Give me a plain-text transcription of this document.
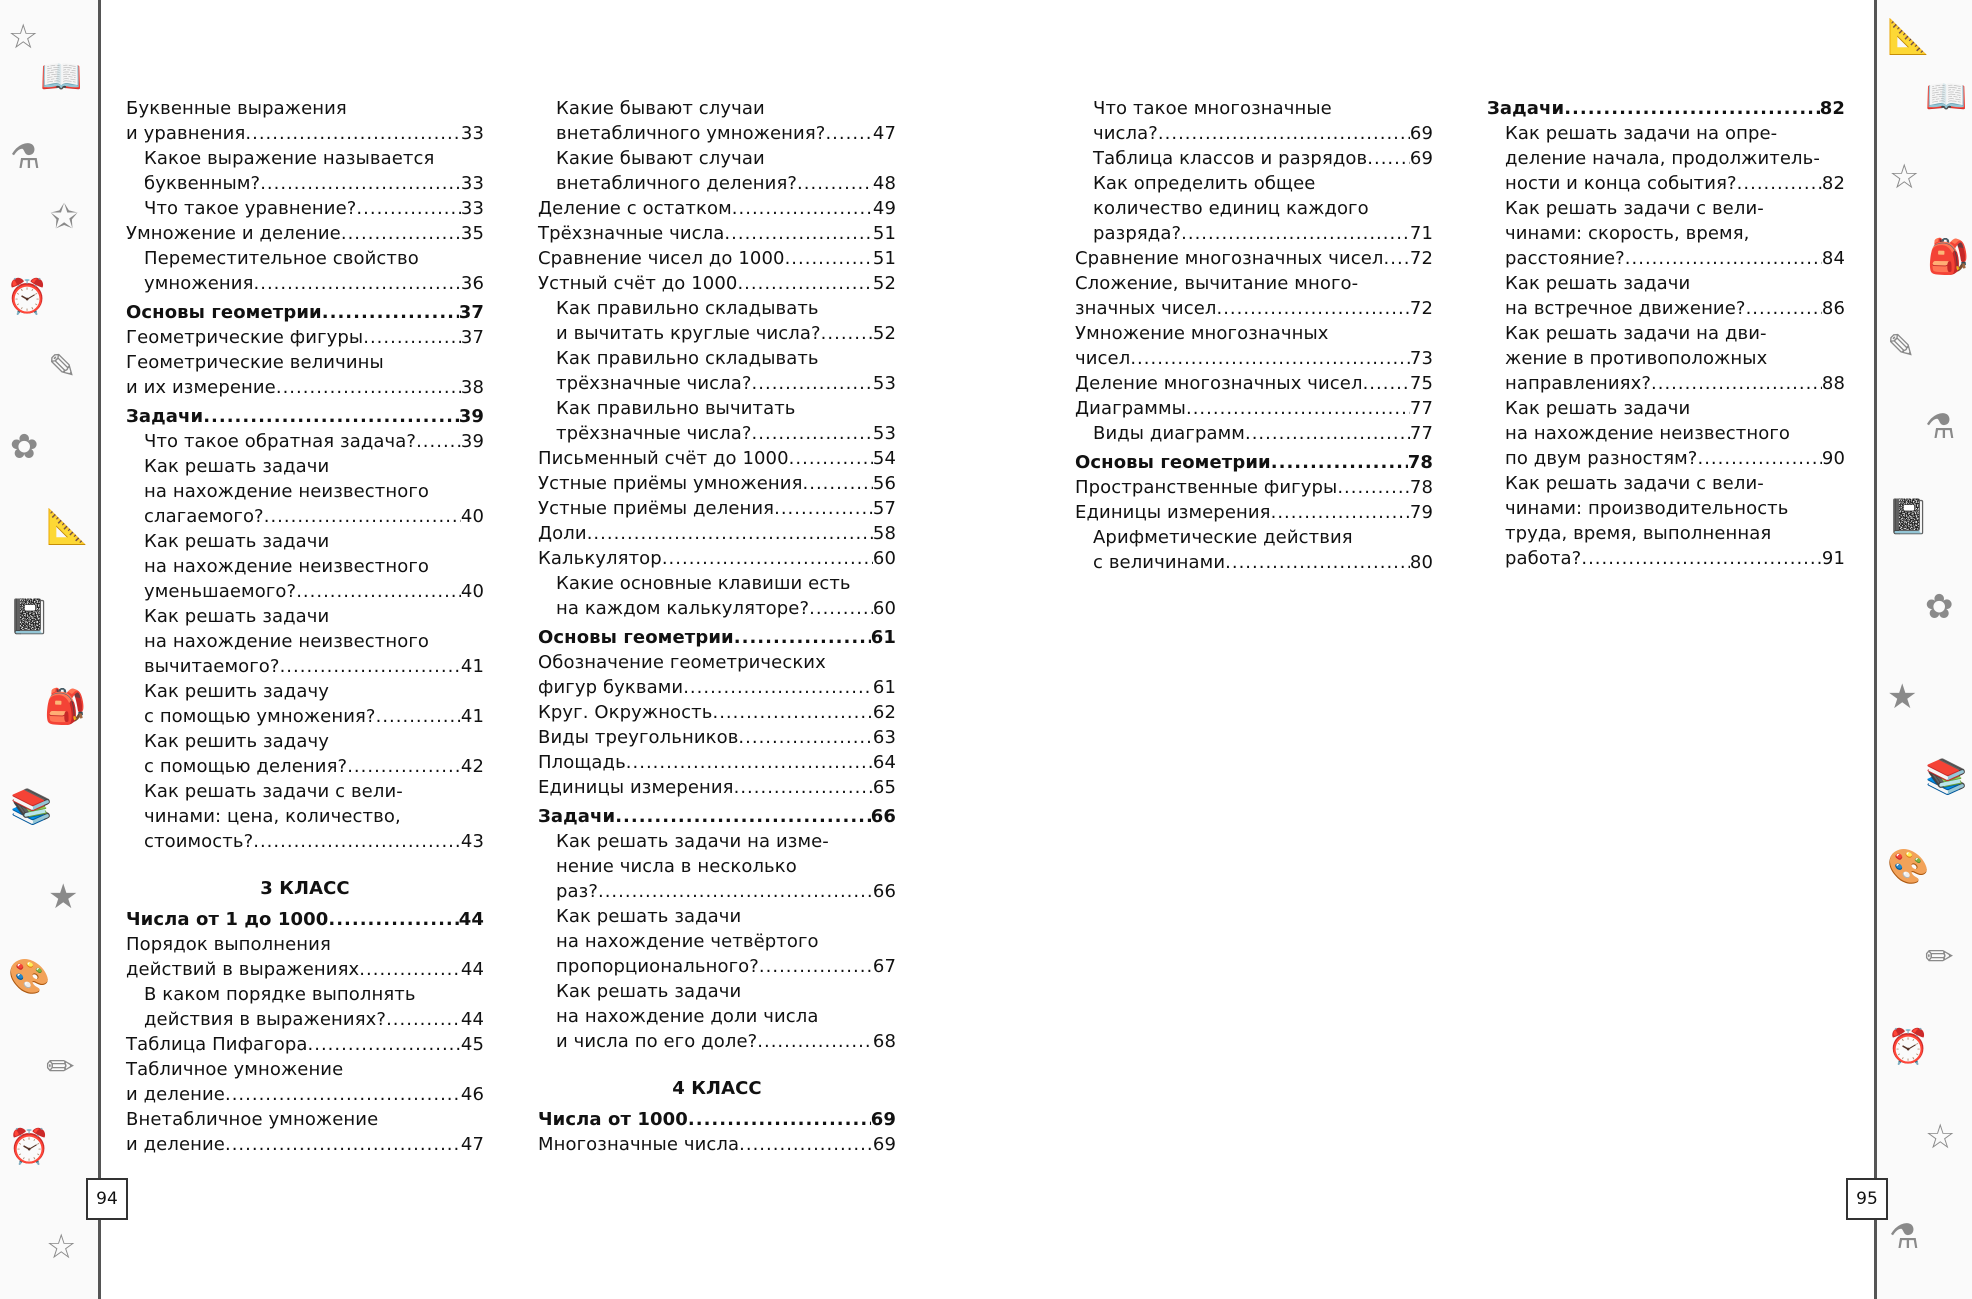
☆
📖
⚗
✩
⏰
✎
✿
📐
📓
🎒
📚
★
🎨
✏
⏰
☆
📐
📖
☆
🎒
✎
⚗
📓
✿
★
📚
🎨
✏
⏰
☆
⚗
94	95
Буквенные выражения
и уравнения .....	33
Какое выражение называется
буквенным? .....	33
Что такое уравнение? .....	33
Умножение и деление .....	35
Переместительное свойство
умножения .....	36
Основы геометрии .....	37
Геометрические фигуры .....	37
Геометрические величины
и их измерение .....	38
Задачи .....	39
Что такое обратная задача? ..... 39
Как решать задачи
на нахождение неизвестного
слагаемого? .....	40
Как решать задачи
на нахождение неизвестного
уменьшаемого? .....	40
Как решать задачи
на нахождение неизвестного
вычитаемого? .....	41
Как решить задачу
с помощью умножения? .....	41
Как решить задачу
с помощью деления? .....	42
Как решать задачи с вели-
чинами: цена, количество,
стоимость? .....	43
3 КЛАСС
Числа от 1 до 1000 .....	44
Порядок выполнения
действий в выражениях .....	44
В каком порядке выполнять
действия в выражениях? .....	44
Таблица Пифагора .....	45
Табличное умножение
и деление .....	46
Внетабличное умножение
и деление .....	47
Какие бывают случаи
внетабличного умножения? .....	47
Какие бывают случаи
внетабличного деления? .....	48
Деление с остатком .....	49
Трёхзначные числа .....	51
Сравнение чисел до 1000 .....	51
Устный счёт до 1000 .....	52
Как правильно складывать
и вычитать круглые числа? .....	52
Как правильно складывать
трёхзначные числа? .....	53
Как правильно вычитать
трёхзначные числа? .....	53
Письменный счёт до 1000 .....	54
Устные приёмы умножения .....	56
Устные приёмы деления .....	57
Доли .....	58
Калькулятор .....	60
Какие основные клавиши есть
на каждом калькуляторе? .....	60
Основы геометрии .....	61
Обозначение геометрических
фигур буквами .....	61
Круг. Окружность .....	62
Виды треугольников .....	63
Площадь .....	64
Единицы измерения .....	65
Задачи .....	66
Как решать задачи на изме-
нение числа в несколько
раз? .....	66
Как решать задачи
на нахождение четвёртого
пропорционального? .....	67
Как решать задачи
на нахождение доли числа
и числа по его доле? .....	68
4 КЛАСС
Числа от 1000 .....	69
Многозначные числа .....	69
Что такое многозначные
числа? .....	69
Таблица классов и разрядов ..... 69
Как определить общее
количество единиц каждого
разряда? .....	71
Сравнение многозначных чисел ..... 72
Сложение, вычитание много-
значных чисел .....	72
Умножение многозначных
чисел .....	73
Деление многозначных чисел .....	75
Диаграммы .....	77
Виды диаграмм .....	77
Основы геометрии .....	78
Пространственные фигуры .....	78
Единицы измерения .....	79
Арифметические действия
с величинами .....	80
Задачи .....	82
Как решать задачи на опре-
деление начала, продолжитель-
ности и конца события? .....	82
Как решать задачи с вели-
чинами: скорость, время,
расстояние? .....	84
Как решать задачи
на встречное движение? .....	86
Как решать задачи на дви-
жение в противоположных
направлениях? .....	88
Как решать задачи
на нахождение неизвестного
по двум разностям? .....	90
Как решать задачи с вели-
чинами: производительность
труда, время, выполненная
работа? .....	91
